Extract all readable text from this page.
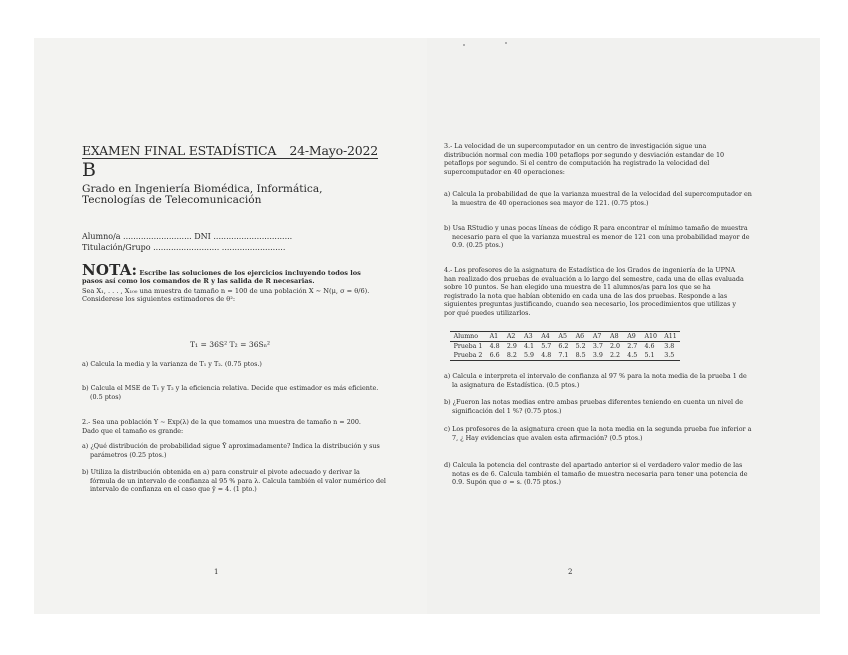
EXAMEN FINAL ESTADÍSTICA 24-Mayo-2022
B
Grado en Ingeniería Biomédica, Informática, Tecnologías de Telecomunicación
Alumno/a ........................... DNI ...............................
Titulación/Grupo .......................... .........................
NOTA: Escribe las soluciones de los ejercicios incluyendo todos los pasos así como los comandos de R y las salida de R necesarias.
Sea X₁, . . . , X₁₀₀ una muestra de tamaño n = 100 de una población X ∼ N(μ, σ = θ/6). Considerese los siguientes estimadores de θ²:
T₁ = 36S² T₂ = 36Sₙ²
a) Calcula la media y la varianza de T₁ y T₂. (0.75 ptos.)
b) Calcula el MSE de T₁ y T₂ y la eficiencia relativa. Decide que estimador es más eficiente. (0.5 ptos)
2.- Sea una población Y ∼ Exp(λ) de la que tomamos una muestra de tamaño n = 200. Dado que el tamaño es grande:
a) ¿Qué distribución de probabilidad sigue Ȳ aproximadamente? Indica la distribución y sus parámetros (0.25 ptos.)
b) Utiliza la distribución obtenida en a) para construir el pivote adecuado y derivar la fórmula de un intervalo de confianza al 95 % para λ. Calcula también el valor numérico del intervalo de confianza en el caso que ȳ = 4. (1 pto.)
1
3.- La velocidad de un supercomputador en un centro de investigación sigue una distribución normal con media 100 petaflops por segundo y desviación estandar de 10 petaflops por segundo. Si el centro de computación ha registrado la velocidad del supercomputador en 40 operaciones:
a) Calcula la probabilidad de que la varianza muestral de la velocidad del supercomputador en la muestra de 40 operaciones sea mayor de 121. (0.75 ptos.)
b) Usa RStudio y unas pocas líneas de código R para encontrar el mínimo tamaño de muestra necesario para el que la varianza muestral es menor de 121 con una probabilidad mayor de 0.9. (0.25 ptos.)
4.- Los profesores de la asignatura de Estadística de los Grados de ingeniería de la UPNA han realizado dos pruebas de evaluación a lo largo del semestre, cada una de ellas evaluada sobre 10 puntos. Se han elegido una muestra de 11 alumnos/as para los que se ha registrado la nota que habían obtenido en cada una de las dos pruebas. Responde a las siguientes preguntas justificando, cuando sea necesario, los procedimientos que utilizas y por qué puedes utilizarlos.
Alumno	A1	A2	A3	A4	A5	A6	A7	A8	A9	A10	A11
Prueba 1	4.8	2.9	4.1	5.7	6.2	5.2	3.7	2.0	2.7	4.6	3.8
Prueba 2	6.6	8.2	5.9	4.8	7.1	8.5	3.9	2.2	4.5	5.1	3.5
a) Calcula e interpreta el intervalo de confianza al 97 % para la nota media de la prueba 1 de la asignatura de Estadística. (0.5 ptos.)
b) ¿Fueron las notas medias entre ambas pruebas diferentes teniendo en cuenta un nivel de significación del 1 %? (0.75 ptos.)
c) Los profesores de la asignatura creen que la nota media en la segunda prueba fue inferior a 7, ¿ Hay evidencias que avalen esta afirmación? (0.5 ptos.)
d) Calcula la potencia del contraste del apartado anterior si el verdadero valor medio de las notas es de 6. Calcula también el tamaño de muestra necesaria para tener una potencia de 0.9. Supón que σ = s. (0.75 ptos.)
2
